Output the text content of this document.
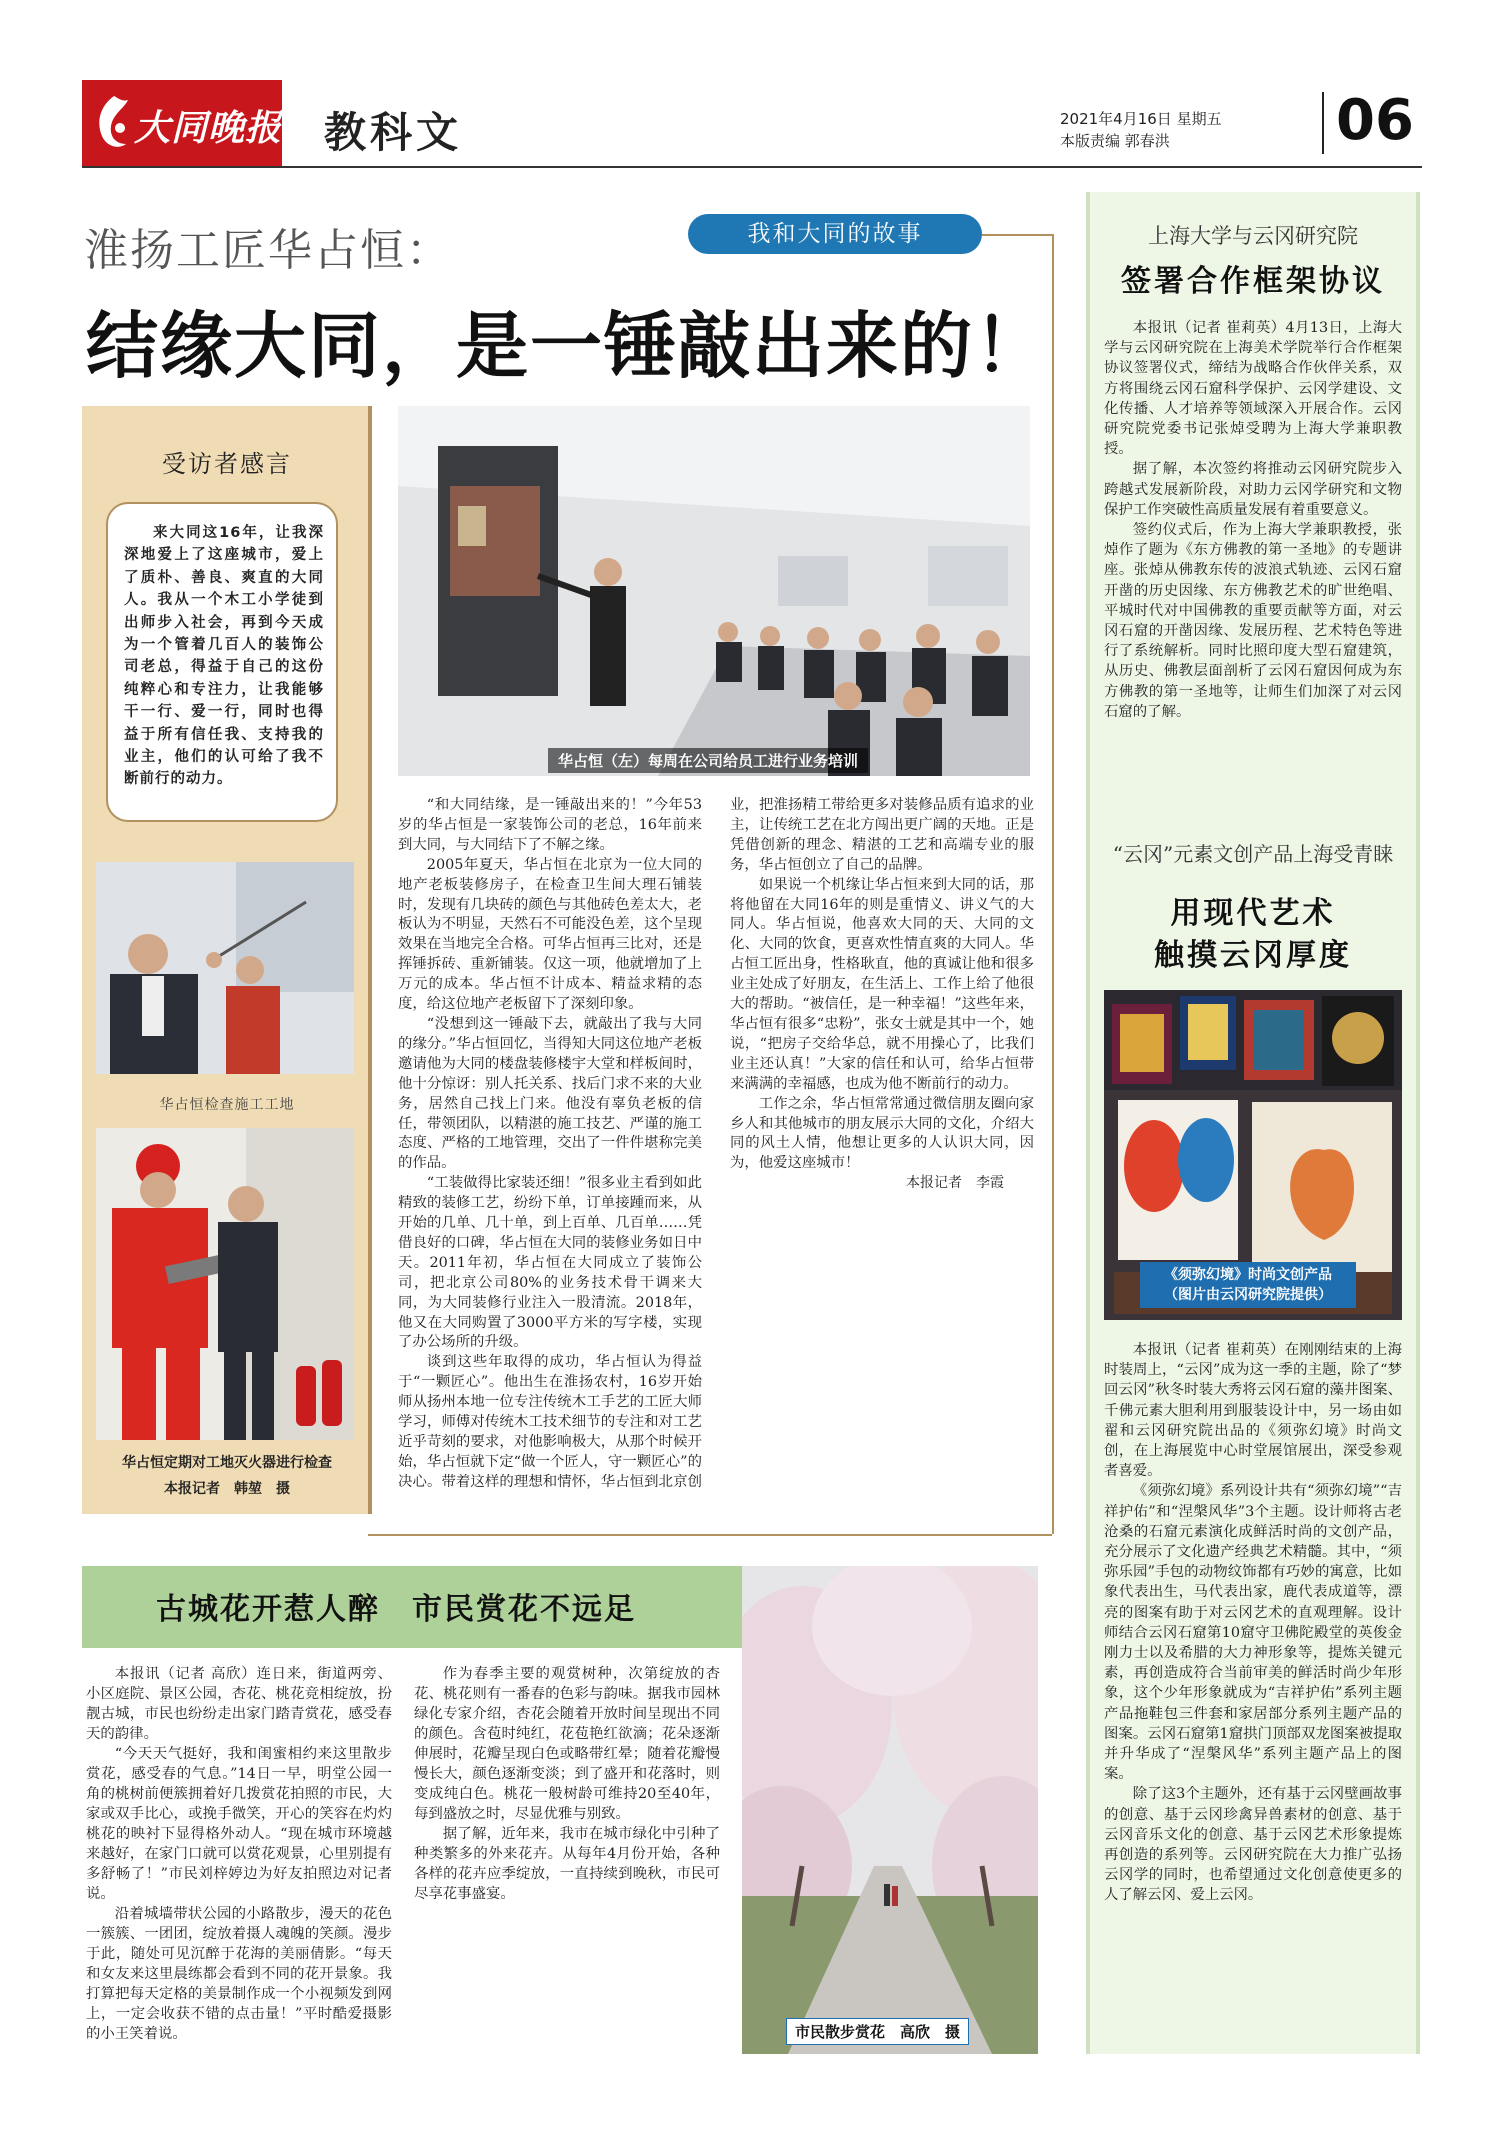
大同晚报 教科文	2021年4月16日 星期五
本版责编 郭春洪	06
淮扬工匠华占恒：	我和大同的故事
结缘大同，是一锤敲出来的！
受访者感言

来大同这16年，让我深深地爱上了这座城市，爱上了质朴、善良、爽直的大同人。我从一个木工小学徒到出师步入社会，再到今天成为一个管着几百人的装饰公司老总，得益于自己的这份纯粹心和专注力，让我能够干一行、爱一行，同时也得益于所有信任我、支持我的业主，他们的认可给了我不断前行的动力。

华占恒检查施工工地
华占恒定期对工地灭火器进行检查
本报记者　韩堃　摄
华占恒（左）每周在公司给员工进行业务培训

“和大同结缘，是一锤敲出来的！”今年53岁的华占恒是一家装饰公司的老总，16年前来到大同，与大同结下了不解之缘。

2005年夏天，华占恒在北京为一位大同的地产老板装修房子，在检查卫生间大理石铺装时，发现有几块砖的颜色与其他砖色差太大，老板认为不明显，天然石不可能没色差，这个呈现效果在当地完全合格。可华占恒再三比对，还是挥锤拆砖、重新铺装。仅这一项，他就增加了上万元的成本。华占恒不计成本、精益求精的态度，给这位地产老板留下了深刻印象。

“没想到这一锤敲下去，就敲出了我与大同的缘分。”华占恒回忆，当得知大同这位地产老板邀请他为大同的楼盘装修楼宇大堂和样板间时，他十分惊讶：别人托关系、找后门求不来的大业务，居然自己找上门来。他没有辜负老板的信任，带领团队，以精湛的施工技艺、严谨的施工态度、严格的工地管理，交出了一件件堪称完美的作品。

“工装做得比家装还细！”很多业主看到如此精致的装修工艺，纷纷下单，订单接踵而来，从开始的几单、几十单，到上百单、几百单……凭借良好的口碑，华占恒在大同的装修业务如日中天。2011年初，华占恒在大同成立了装饰公司，把北京公司80%的业务技术骨干调来大同，为大同装修行业注入一股清流。2018年，他又在大同购置了3000平方米的写字楼，实现了办公场所的升级。

谈到这些年取得的成功，华占恒认为得益于“一颗匠心”。他出生在淮扬农村，16岁开始师从扬州本地一位专注传统木工手艺的工匠大师学习，师傅对传统木工技术细节的专注和对工艺近乎苛刻的要求，对他影响极大，从那个时候开始，华占恒就下定“做一个匠人，守一颗匠心”的决心。带着这样的理想和情怀，华占恒到北京创业，把淮扬精工带给更多对装修品质有追求的业主，让传统工艺在北方闯出更广阔的天地。正是凭借创新的理念、精湛的工艺和高端专业的服务，华占恒创立了自己的品牌。

如果说一个机缘让华占恒来到大同的话，那将他留在大同16年的则是重情义、讲义气的大同人。华占恒说，他喜欢大同的天、大同的文化、大同的饮食，更喜欢性情直爽的大同人。华占恒工匠出身，性格耿直，他的真诚让他和很多业主处成了好朋友，在生活上、工作上给了他很大的帮助。“被信任，是一种幸福！”这些年来，华占恒有很多“忠粉”，张女士就是其中一个，她说，“把房子交给华总，就不用操心了，比我们业主还认真！”大家的信任和认可，给华占恒带来满满的幸福感，也成为他不断前行的动力。

工作之余，华占恒常常通过微信朋友圈向家乡人和其他城市的朋友展示大同的文化，介绍大同的风土人情，他想让更多的人认识大同，因为，他爱这座城市！

本报记者　李霞

古城花开惹人醉　市民赏花不远足
市民散步赏花　高欣　摄

本报讯（记者 高欣）连日来，街道两旁、小区庭院、景区公园，杏花、桃花竞相绽放，扮靓古城，市民也纷纷走出家门踏青赏花，感受春天的韵律。

“今天天气挺好，我和闺蜜相约来这里散步赏花，感受春的气息。”14日一早，明堂公园一角的桃树前便簇拥着好几拨赏花拍照的市民，大家或双手比心，或挽手微笑，开心的笑容在灼灼桃花的映衬下显得格外动人。“现在城市环境越来越好，在家门口就可以赏花观景，心里别提有多舒畅了！”市民刘梓婷边为好友拍照边对记者说。

沿着城墙带状公园的小路散步，漫天的花色一簇簇、一团团，绽放着摄人魂魄的笑颜。漫步于此，随处可见沉醉于花海的美丽倩影。“每天和女友来这里晨练都会看到不同的花开景象。我打算把每天定格的美景制作成一个小视频发到网上，一定会收获不错的点击量！”平时酷爱摄影的小王笑着说。

作为春季主要的观赏树种，次第绽放的杏花、桃花则有一番春的色彩与韵味。据我市园林绿化专家介绍，杏花会随着开放时间呈现出不同的颜色。含苞时纯红，花苞艳红欲滴；花朵逐渐伸展时，花瓣呈现白色或略带红晕；随着花瓣慢慢长大，颜色逐渐变淡；到了盛开和花落时，则变成纯白色。桃花一般树龄可维持20至40年，每到盛放之时，尽显优雅与别致。

据了解，近年来，我市在城市绿化中引种了种类繁多的外来花卉。从每年4月份开始，各种各样的花卉应季绽放，一直持续到晚秋，市民可尽享花事盛宴。

上海大学与云冈研究院
签署合作框架协议

本报讯（记者 崔莉英）4月13日，上海大学与云冈研究院在上海美术学院举行合作框架协议签署仪式，缔结为战略合作伙伴关系，双方将围绕云冈石窟科学保护、云冈学建设、文化传播、人才培养等领域深入开展合作。云冈研究院党委书记张焯受聘为上海大学兼职教授。

据了解，本次签约将推动云冈研究院步入跨越式发展新阶段，对助力云冈学研究和文物保护工作突破性高质量发展有着重要意义。

签约仪式后，作为上海大学兼职教授，张焯作了题为《东方佛教的第一圣地》的专题讲座。张焯从佛教东传的波浪式轨迹、云冈石窟开凿的历史因缘、东方佛教艺术的旷世绝唱、平城时代对中国佛教的重要贡献等方面，对云冈石窟的开凿因缘、发展历程、艺术特色等进行了系统解析。同时比照印度大型石窟建筑，从历史、佛教层面剖析了云冈石窟因何成为东方佛教的第一圣地等，让师生们加深了对云冈石窟的了解。

“云冈”元素文创产品上海受青睐
用现代艺术
触摸云冈厚度
《须弥幻境》时尚文创产品
（图片由云冈研究院提供）

本报讯（记者 崔莉英）在刚刚结束的上海时装周上，“云冈”成为这一季的主题，除了“梦回云冈”秋冬时装大秀将云冈石窟的藻井图案、千佛元素大胆利用到服装设计中，另一场由如翟和云冈研究院出品的《须弥幻境》时尚文创，在上海展览中心时堂展馆展出，深受参观者喜爱。

《须弥幻境》系列设计共有“须弥幻境”“吉祥护佑”和“涅槃风华”3个主题。设计师将古老沧桑的石窟元素演化成鲜活时尚的文创产品，充分展示了文化遗产经典艺术精髓。其中，“须弥乐园”手包的动物纹饰都有巧妙的寓意，比如象代表出生，马代表出家，鹿代表成道等，漂亮的图案有助于对云冈艺术的直观理解。设计师结合云冈石窟第10窟守卫佛陀殿堂的英俊金刚力士以及希腊的大力神形象等，提炼关键元素，再创造成符合当前审美的鲜活时尚少年形象，这个少年形象就成为“吉祥护佑”系列主题产品拖鞋包三件套和家居部分系列主题产品的图案。云冈石窟第1窟拱门顶部双龙图案被提取并升华成了“涅槃风华”系列主题产品上的图案。

除了这3个主题外，还有基于云冈壁画故事的创意、基于云冈珍禽异兽素材的创意、基于云冈音乐文化的创意、基于云冈艺术形象提炼再创造的系列等。云冈研究院在大力推广弘扬云冈学的同时，也希望通过文化创意使更多的人了解云冈、爱上云冈。
